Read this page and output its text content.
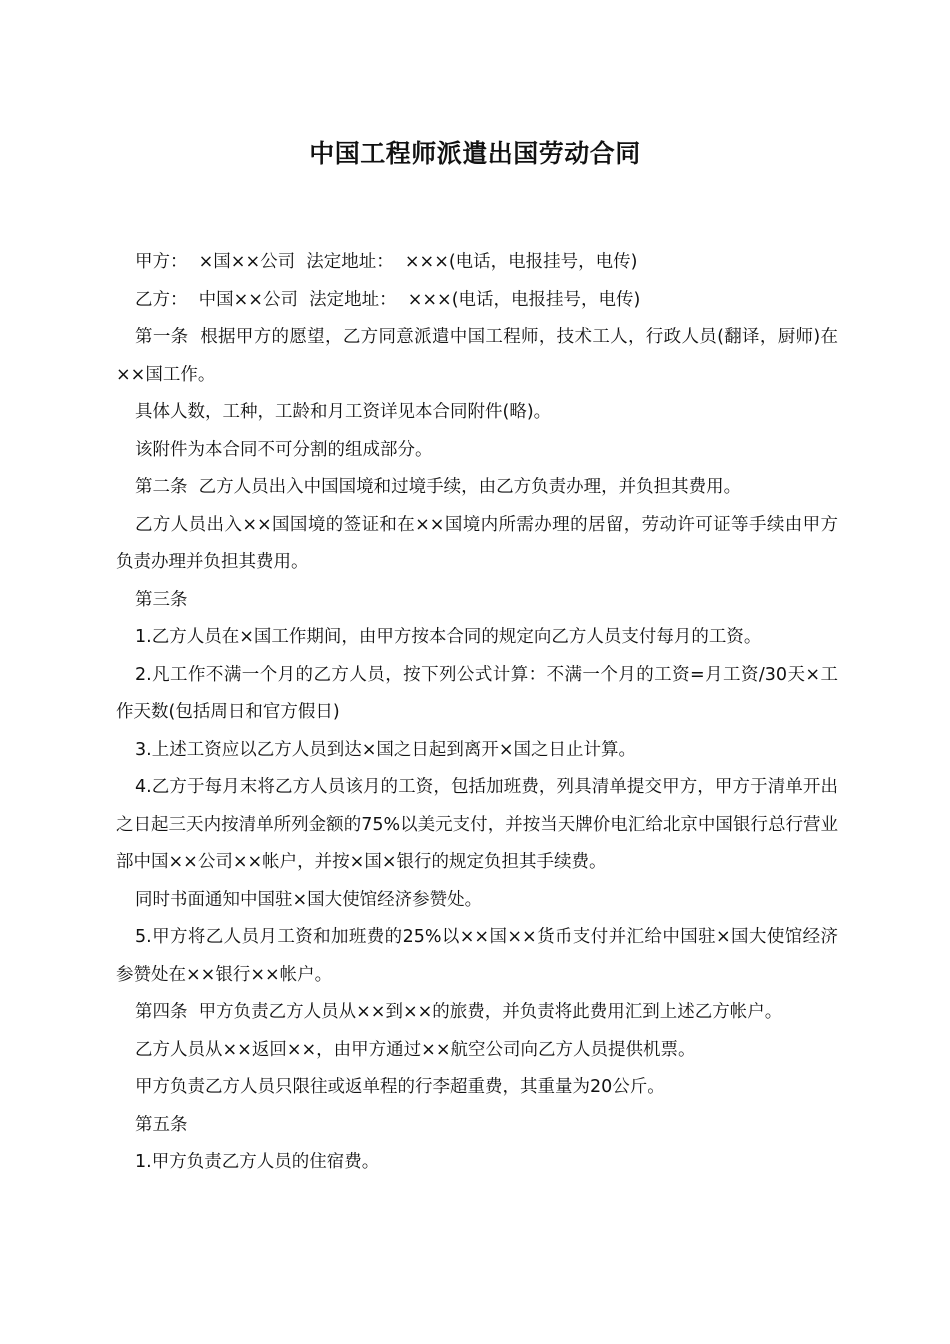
中国工程师派遣出国劳动合同

甲方：  ×国××公司  法定地址：  ×××(电话，电报挂号，电传)

乙方：  中国××公司  法定地址：  ×××(电话，电报挂号，电传)

第一条  根据甲方的愿望，乙方同意派遣中国工程师，技术工人，行政人员(翻译，厨师)在××国工作。

具体人数，工种，工龄和月工资详见本合同附件(略)。

该附件为本合同不可分割的组成部分。

第二条  乙方人员出入中国国境和过境手续，由乙方负责办理，并负担其费用。

乙方人员出入××国国境的签证和在××国境内所需办理的居留，劳动许可证等手续由甲方负责办理并负担其费用。

第三条

1.乙方人员在×国工作期间，由甲方按本合同的规定向乙方人员支付每月的工资。

2.凡工作不满一个月的乙方人员，按下列公式计算：不满一个月的工资=月工资/30天×工作天数(包括周日和官方假日)

3.上述工资应以乙方人员到达×国之日起到离开×国之日止计算。

4.乙方于每月末将乙方人员该月的工资，包括加班费，列具清单提交甲方，甲方于清单开出之日起三天内按清单所列金额的75%以美元支付，并按当天牌价电汇给北京中国银行总行营业部中国××公司××帐户，并按×国×银行的规定负担其手续费。

同时书面通知中国驻×国大使馆经济参赞处。

5.甲方将乙人员月工资和加班费的25%以××国××货币支付并汇给中国驻×国大使馆经济参赞处在××银行××帐户。

第四条  甲方负责乙方人员从××到××的旅费，并负责将此费用汇到上述乙方帐户。

乙方人员从××返回××，由甲方通过××航空公司向乙方人员提供机票。

甲方负责乙方人员只限往或返单程的行李超重费，其重量为20公斤。

第五条

1.甲方负责乙方人员的住宿费。
